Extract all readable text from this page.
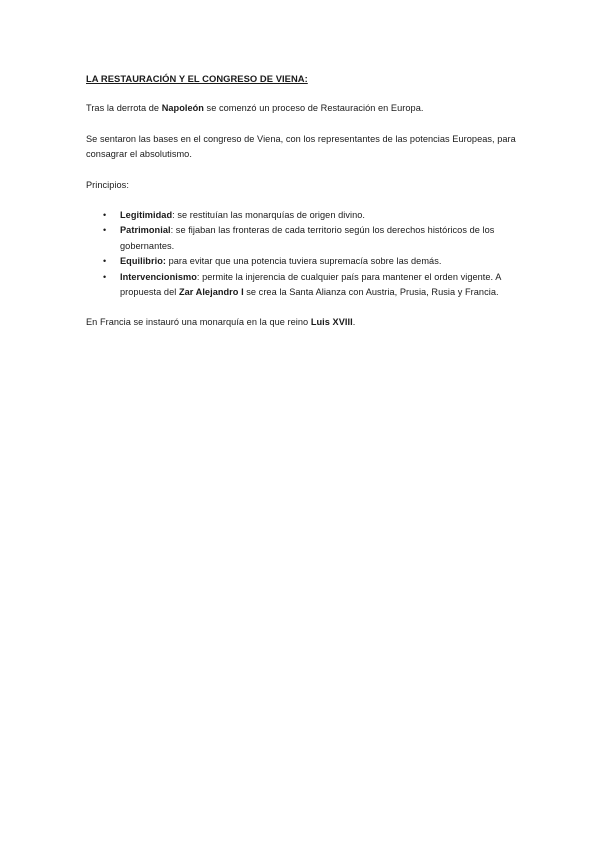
LA RESTAURACIÓN Y EL CONGRESO DE VIENA:

Tras la derrota de Napoleón se comenzó un proceso de Restauración en Europa.

Se sentaron las bases en el congreso de Viena, con los representantes de las potencias Europeas, para consagrar el absolutismo.

Principios:

• Legitimidad: se restituían las monarquías de origen divino.
• Patrimonial: se fijaban las fronteras de cada territorio según los derechos históricos de los gobernantes.
• Equilibrio: para evitar que una potencia tuviera supremacía sobre las demás.
• Intervencionismo: permite la injerencia de cualquier país para mantener el orden vigente. A propuesta del Zar Alejandro I se crea la Santa Alianza con Austria, Prusia, Rusia y Francia.

En Francia se instauró una monarquía en la que reino Luis XVIII.
